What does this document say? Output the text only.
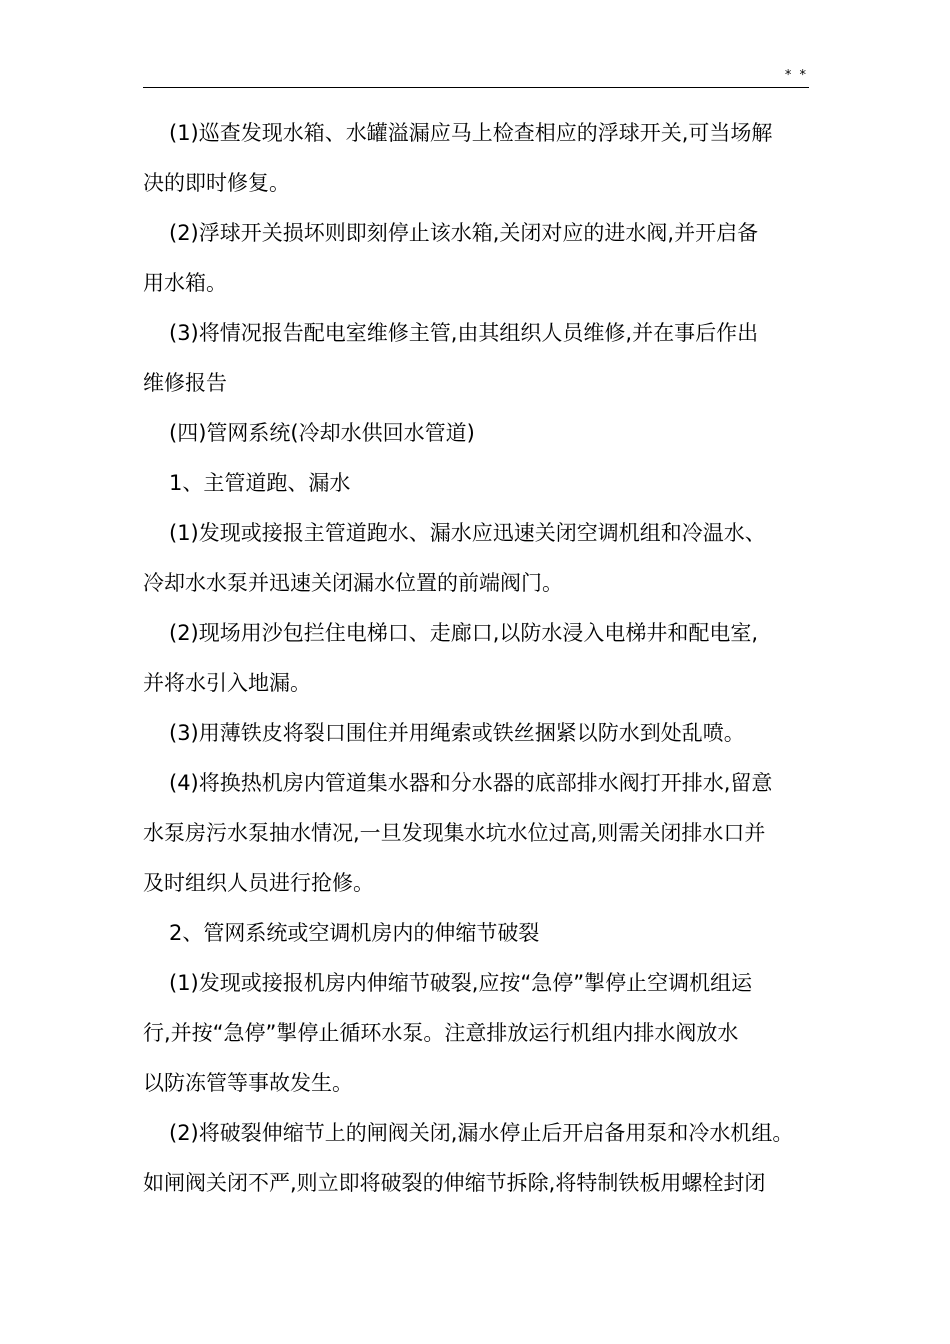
* *
(1)巡查发现水箱、水罐溢漏应马上检查相应的浮球开关,可当场解
决的即时修复。
(2)浮球开关损坏则即刻停止该水箱,关闭对应的进水阀,并开启备
用水箱。
(3)将情况报告配电室维修主管,由其组织人员维修,并在事后作出
维修报告
(四)管网系统(冷却水供回水管道)
1、主管道跑、漏水
(1)发现或接报主管道跑水、漏水应迅速关闭空调机组和冷温水、
冷却水水泵并迅速关闭漏水位置的前端阀门。
(2)现场用沙包拦住电梯口、走廊口,以防水浸入电梯井和配电室,
并将水引入地漏。
(3)用薄铁皮将裂口围住并用绳索或铁丝捆紧以防水到处乱喷。
(4)将换热机房内管道集水器和分水器的底部排水阀打开排水,留意
水泵房污水泵抽水情况,一旦发现集水坑水位过高,则需关闭排水口并
及时组织人员进行抢修。
2、管网系统或空调机房内的伸缩节破裂
(1)发现或接报机房内伸缩节破裂,应按“急停”掣停止空调机组运
行,并按“急停”掣停止循环水泵。注意排放运行机组内排水阀放水
以防冻管等事故发生。
(2)将破裂伸缩节上的闸阀关闭,漏水停止后开启备用泵和冷水机组。
如闸阀关闭不严,则立即将破裂的伸缩节拆除,将特制铁板用螺栓封闭
